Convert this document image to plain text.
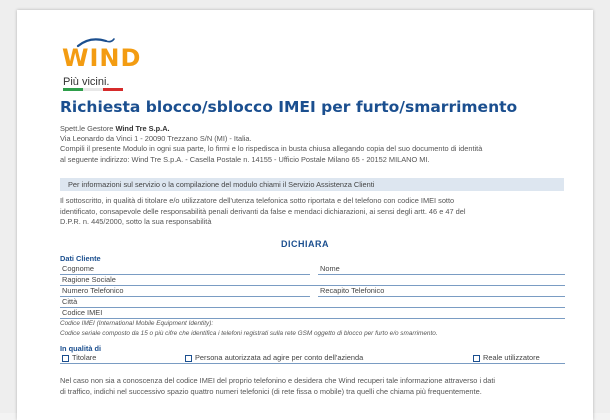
WIND
Più vicini.
Richiesta blocco/sblocco IMEI per furto/smarrimento
Spett.le Gestore Wind Tre S.p.A.
Via Leonardo da Vinci 1 - 20090 Trezzano S/N (MI) - Italia.
Compili il presente Modulo in ogni sua parte, lo firmi e lo rispedisca in busta chiusa allegando copia del suo documento di identità
al seguente indirizzo: Wind Tre S.p.A. - Casella Postale n. 14155 - Ufficio Postale Milano 65 - 20152 MILANO MI.
Per informazioni sul servizio o la compilazione del modulo chiami il Servizio Assistenza Clienti
Il sottoscritto, in qualità di titolare e/o utilizzatore dell'utenza telefonica sotto riportata e del telefono con codice IMEI sotto
identificato, consapevole delle responsabilità penali derivanti da false e mendaci dichiarazioni, ai sensi degli artt. 46 e 47 del
D.P.R. n. 445/2000, sotto la sua responsabilità
DICHIARA
Dati Cliente
Cognome	Nome
Ragione Sociale
Numero Telefonico	Recapito Telefonico
Città
Codice IMEI
Codice IMEI (International Mobile Equipment Identity):
Codice seriale composto da 15 o più cifre che identifica i telefoni registrati sulla rete GSM oggetto di blocco per furto e/o smarrimento.
In qualità di
Titolare	Persona autorizzata ad agire per conto dell'azienda	Reale utilizzatore
Nel caso non sia a conoscenza del codice IMEI del proprio telefonino e desidera che Wind recuperi tale informazione attraverso i dati
di traffico, indichi nel successivo spazio quattro numeri telefonici (di rete fissa o mobile) tra quelli che chiama più frequentemente.
